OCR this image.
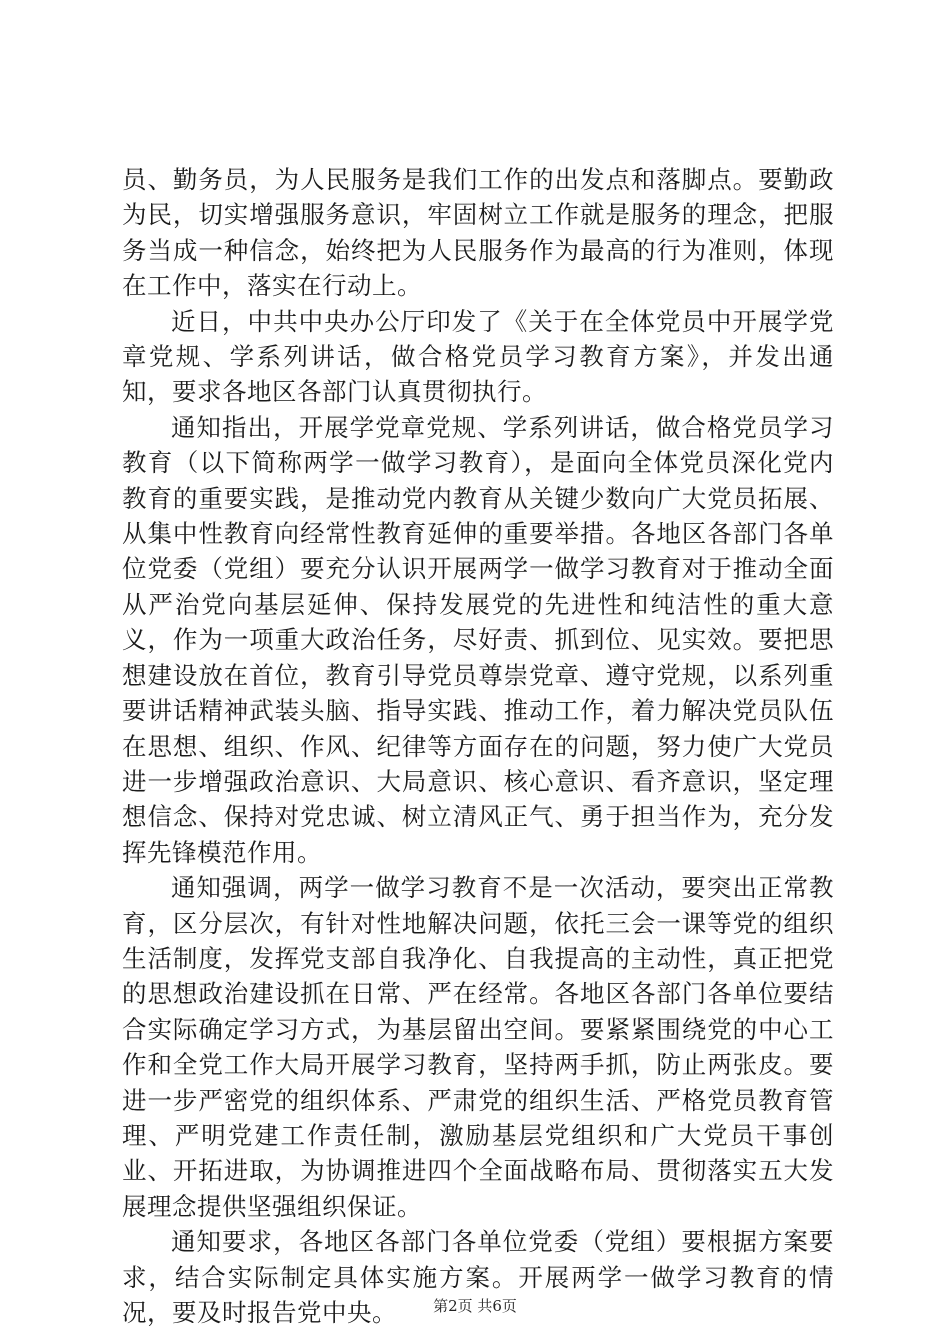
员、勤务员，为人民服务是我们工作的出发点和落脚点。要勤政为民，切实增强服务意识，牢固树立工作就是服务的理念，把服务当成一种信念，始终把为人民服务作为最高的行为准则，体现在工作中，落实在行动上。

近日，中共中央办公厅印发了《关于在全体党员中开展学党章党规、学系列讲话，做合格党员学习教育方案》，并发出通知，要求各地区各部门认真贯彻执行。

通知指出，开展学党章党规、学系列讲话，做合格党员学习教育（以下简称两学一做学习教育），是面向全体党员深化党内教育的重要实践，是推动党内教育从关键少数向广大党员拓展、从集中性教育向经常性教育延伸的重要举措。各地区各部门各单位党委（党组）要充分认识开展两学一做学习教育对于推动全面从严治党向基层延伸、保持发展党的先进性和纯洁性的重大意义，作为一项重大政治任务，尽好责、抓到位、见实效。要把思想建设放在首位，教育引导党员尊崇党章、遵守党规，以系列重要讲话精神武装头脑、指导实践、推动工作，着力解决党员队伍在思想、组织、作风、纪律等方面存在的问题，努力使广大党员进一步增强政治意识、大局意识、核心意识、看齐意识，坚定理想信念、保持对党忠诚、树立清风正气、勇于担当作为，充分发挥先锋模范作用。

通知强调，两学一做学习教育不是一次活动，要突出正常教育，区分层次，有针对性地解决问题，依托三会一课等党的组织生活制度，发挥党支部自我净化、自我提高的主动性，真正把党的思想政治建设抓在日常、严在经常。各地区各部门各单位要结合实际确定学习方式，为基层留出空间。要紧紧围绕党的中心工作和全党工作大局开展学习教育，坚持两手抓，防止两张皮。要进一步严密党的组织体系、严肃党的组织生活、严格党员教育管理、严明党建工作责任制，激励基层党组织和广大党员干事创业、开拓进取，为协调推进四个全面战略布局、贯彻落实五大发展理念提供坚强组织保证。

通知要求，各地区各部门各单位党委（党组）要根据方案要求，结合实际制定具体实施方案。开展两学一做学习教育的情况，要及时报告党中央。	第2页 共6页
